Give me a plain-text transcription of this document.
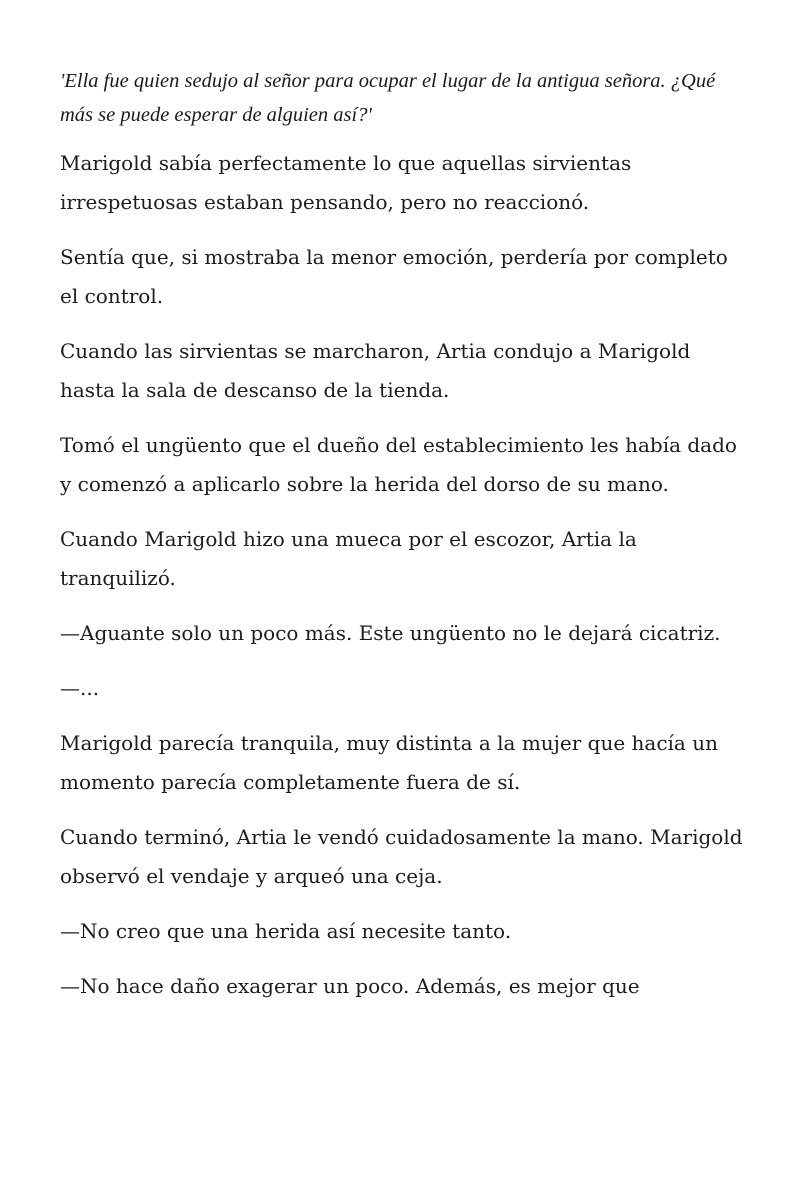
'Ella fue quien sedujo al señor para ocupar el lugar de la antigua señora. ¿Qué más se puede esperar de alguien así?'

Marigold sabía perfectamente lo que aquellas sirvientas irrespetuosas estaban pensando, pero no reaccionó.

Sentía que, si mostraba la menor emoción, perdería por completo el control.

Cuando las sirvientas se marcharon, Artia condujo a Marigold hasta la sala de descanso de la tienda.

Tomó el ungüento que el dueño del establecimiento les había dado y comenzó a aplicarlo sobre la herida del dorso de su mano.

Cuando Marigold hizo una mueca por el escozor, Artia la tranquilizó.

—Aguante solo un poco más. Este ungüento no le dejará cicatriz.

—...

Marigold parecía tranquila, muy distinta a la mujer que hacía un momento parecía completamente fuera de sí.

Cuando terminó, Artia le vendó cuidadosamente la mano. Marigold observó el vendaje y arqueó una ceja.

—No creo que una herida así necesite tanto.

—No hace daño exagerar un poco. Además, es mejor que
